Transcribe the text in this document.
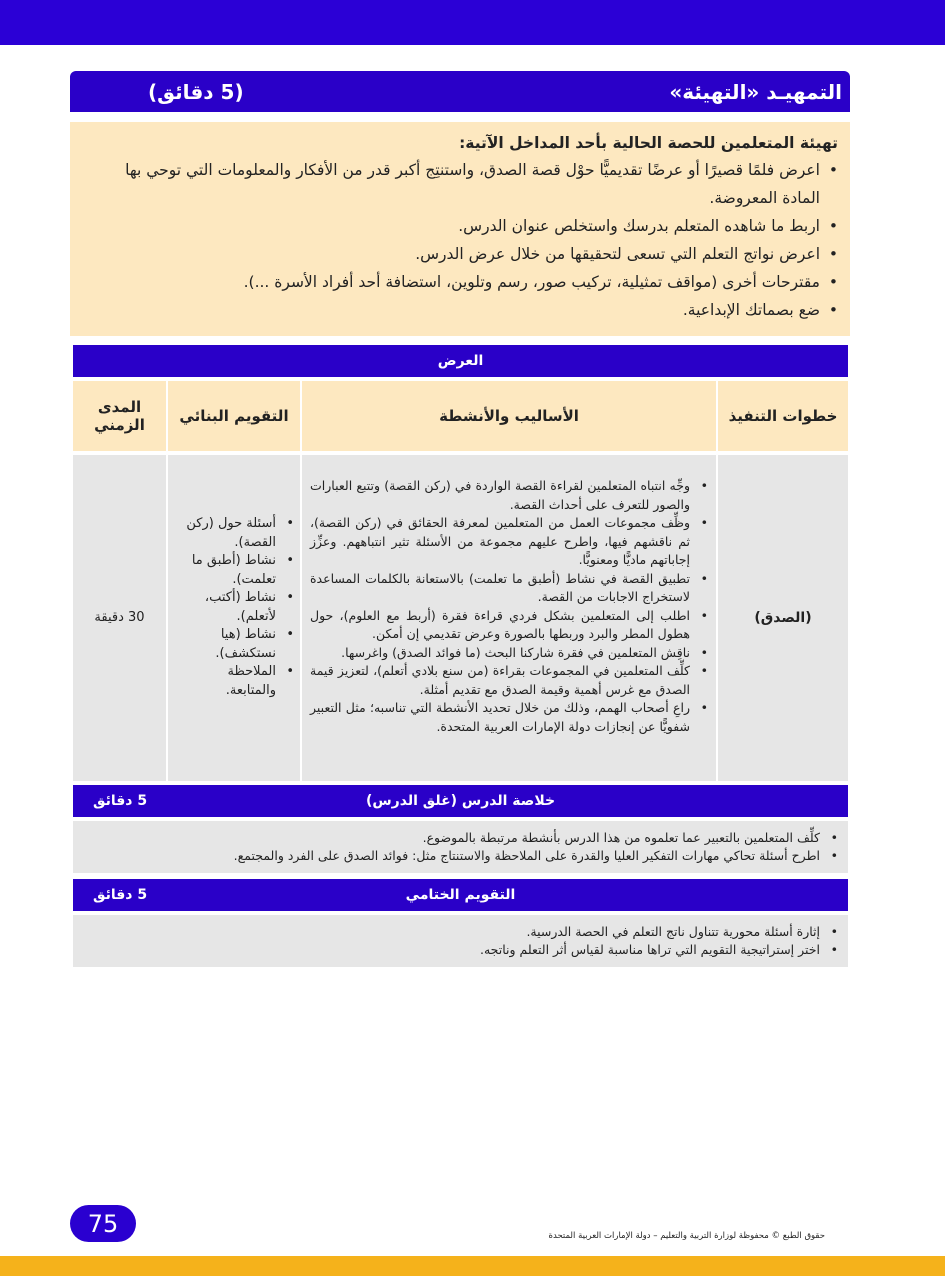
التمهيـد «التهيئة»
(5 دقائق)
تهيئة المتعلمين للحصة الحالية بأحد المداخل الآتية:
• اعرض فلمًا قصيرًا أو عرضًا تقديميًّا حوْل قصة الصدق، واستنتِج أكبر قدر من الأفكار والمعلومات التي توحي بها المادة المعروضة.
• اربط ما شاهده المتعلم بدرسك واستخلص عنوان الدرس.
• اعرض نواتج التعلم التي تسعى لتحقيقها من خلال عرض الدرس.
• مقترحات أخرى (مواقف تمثيلية، تركيب صور، رسم وتلوين، استضافة أحد أفراد الأسرة ...).
• ضع بصماتك الإبداعية.
العرض
خطوات التنفيذ
الأساليب والأنشطة
التقويم البنائي
المدى الزمني
(الصدق)
• وجِّه انتباه المتعلمين لقراءة القصة الواردة في (ركن القصة) وتتبع العبارات والصور للتعرف على أحداث القصة.
• وظِّف مجموعات العمل من المتعلمين لمعرفة الحقائق في (ركن القصة)، ثم ناقشهم فيها، واطرح عليهم مجموعة من الأسئلة تثير انتباههم. وعزِّز إجاباتهم ماديًّا ومعنويًّا.
• تطبيق القصة في نشاط (أطبق ما تعلمت) بالاستعانة بالكلمات المساعدة لاستخراج الاجابات من القصة.
• اطلب إلى المتعلمين بشكل فردي قراءة فقرة (أربط مع العلوم)، حول هطول المطر والبرد وربطها بالصورة وعرض تقديمي إن أمكن.
• ناقِش المتعلمين في فقرة شاركنا البحث (ما فوائد الصدق) واغرسها.
• كلِّف المتعلمين في المجموعات بقراءة (من سنع بلادي أتعلم)، لتعزيز قيمة الصدق مع غرس أهمية وقيمة الصدق مع تقديم أمثلة.
• راعِ أصحاب الهمم، وذلك من خلال تحديد الأنشطة التي تناسبه؛ مثل التعبير شفويًّا عن إنجازات دولة الإمارات العربية المتحدة.
• أسئلة حول (ركن القصة).
• نشاط (أطبق ما تعلمت).
• نشاط (أكتب، لأتعلم).
• نشاط (هيا نستكشف).
• الملاحظة والمتابعة.
30 دقيقة
خلاصة الدرس (غلق الدرس)
5 دقائق
• كلِّف المتعلمين بالتعبير عما تعلموه من هذا الدرس بأنشطة مرتبطة بالموضوع.
• اطرح أسئلة تحاكي مهارات التفكير العليا والقدرة على الملاحظة والاستنتاج مثل: فوائد الصدق على الفرد والمجتمع.
التقويم الختامي
5 دقائق
• إثارة أسئلة محورية تتناول ناتج التعلم في الحصة الدرسية.
• اختر إستراتيجية التقويم التي تراها مناسبة لقياس أثر التعلم وناتجه.
75	حقوق الطبع © محفوظة لوزارة التربية والتعليم – دولة الإمارات العربية المتحدة
